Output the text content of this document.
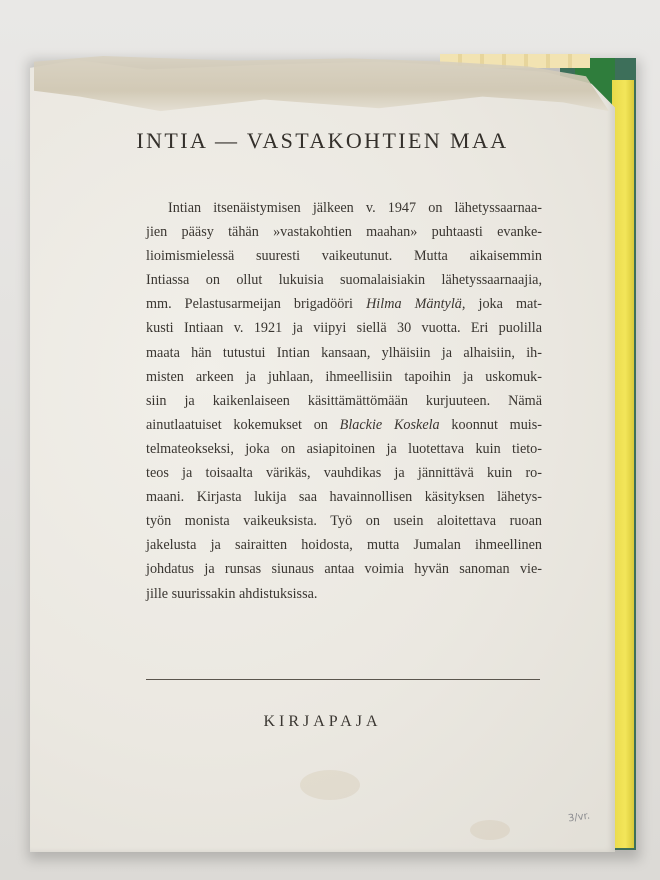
INTIA — VASTAKOHTIEN MAA
Intian itsenäistymisen jälkeen v. 1947 on lähetyssaarnaa-
jien pääsy tähän »vastakohtien maahan» puhtaasti evanke-
lioimismielessä suuresti vaikeutunut. Mutta aikaisemmin
Intiassa on ollut lukuisia suomalaisiakin lähetyssaarnaajia,
mm. Pelastusarmeijan brigadööri Hilma Mäntylä, joka mat-
kusti Intiaan v. 1921 ja viipyi siellä 30 vuotta. Eri puolilla
maata hän tutustui Intian kansaan, ylhäisiin ja alhaisiin, ih-
misten arkeen ja juhlaan, ihmeellisiin tapoihin ja uskomuk-
siin ja kaikenlaiseen käsittämättömään kurjuuteen. Nämä
ainutlaatuiset kokemukset on Blackie Koskela koonnut muis-
telmateokseksi, joka on asiapitoinen ja luotettava kuin tieto-
teos ja toisaalta värikäs, vauhdikas ja jännittävä kuin ro-
maani. Kirjasta lukija saa havainnollisen käsityksen lähetys-
työn monista vaikeuksista. Työ on usein aloitettava ruoan
jakelusta ja sairaitten hoidosta, mutta Jumalan ihmeellinen
johdatus ja runsas siunaus antaa voimia hyvän sanoman vie-
jille suurissakin ahdistuksissa.
KIRJAPAJA
3/vr.
